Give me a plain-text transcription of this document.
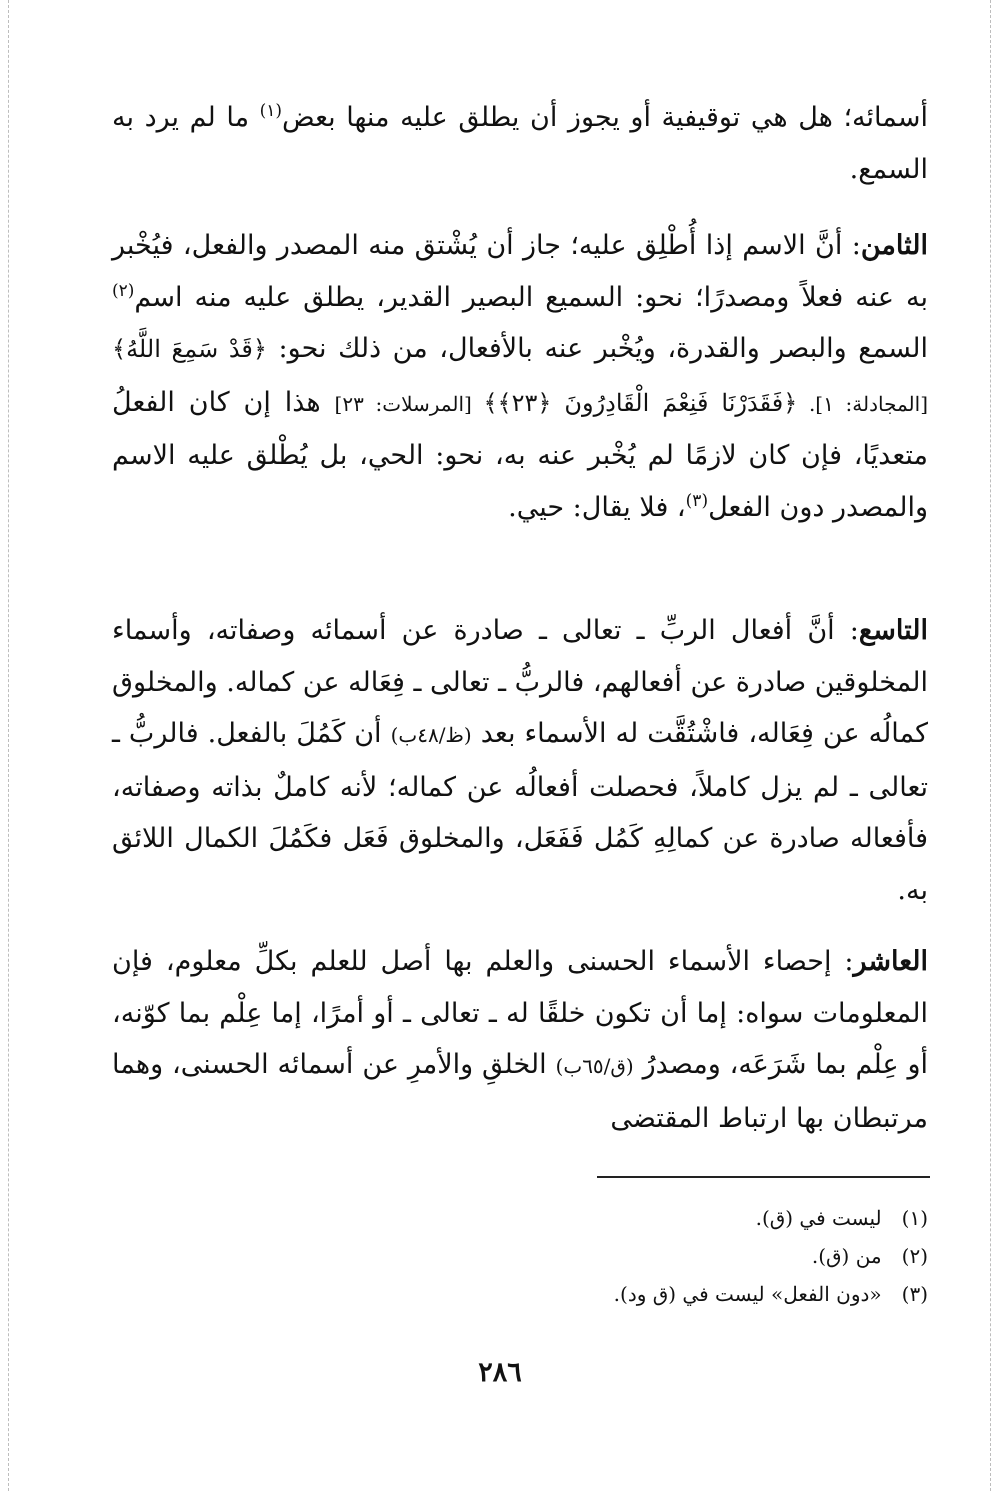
أسمائه؛ هل هي توقيفية أو يجوز أن يطلق عليه منها بعض$^{(١)}$ ما لم يرد به السمع.

الثامن: أنَّ الاسم إذا أُطْلِق عليه؛ جاز أن يُشْتق منه المصدر والفعل، فيُخْبر به عنه فعلاً ومصدرًا؛ نحو: السميع البصير القدير، يطلق عليه منه اسم$^{(٢)}$ السمع والبصر والقدرة، ويُخْبر عنه بالأفعال، من ذلك نحو: ﴿قَدْ سَمِعَ اللَّهُ﴾ [المجادلة: ١]. ﴿فَقَدَرْنَا فَنِعْمَ الْقَادِرُونَ ﴿٢٣﴾﴾ [المرسلات: ٢٣] هذا إن كان الفعلُ متعديًا، فإن كان لازمًا لم يُخْبر عنه به، نحو: الحي، بل يُطْلق عليه الاسم والمصدر دون الفعل$^{(٣)}$، فلا يقال: حيي.

التاسع: أنَّ أفعال الربِّ ـ تعالى ـ صادرة عن أسمائه وصفاته، وأسماء المخلوقين صادرة عن أفعالهم، فالربُّ ـ تعالى ـ فِعَاله عن كماله. والمخلوق كمالُه عن فِعَاله، فاشْتُقَّت له الأسماء بعد (ظ/٤٨ب) أن كَمُلَ بالفعل. فالربُّ ـ تعالى ـ لم يزل كاملاً، فحصلت أفعالُه عن كماله؛ لأنه كاملٌ بذاته وصفاته، فأفعاله صادرة عن كمالِهِ كَمُل فَفَعَل، والمخلوق فَعَل فكَمُلَ الكمال اللائق به.

العاشر: إحصاء الأسماء الحسنى والعلم بها أصل للعلم بكلِّ معلوم، فإن المعلومات سواه: إما أن تكون خلقًا له ـ تعالى ـ أو أمرًا، إما عِلْم بما كوّنه، أو عِلْم بما شَرَعَه، ومصدرُ (ق/٦٥ب) الخلقِ والأمرِ عن أسمائه الحسنى، وهما مرتبطان بها ارتباط المقتضى

(١) ليست في (ق).

(٢) من (ق).

(٣) «دون الفعل» ليست في (ق ود).

٢٨٦
